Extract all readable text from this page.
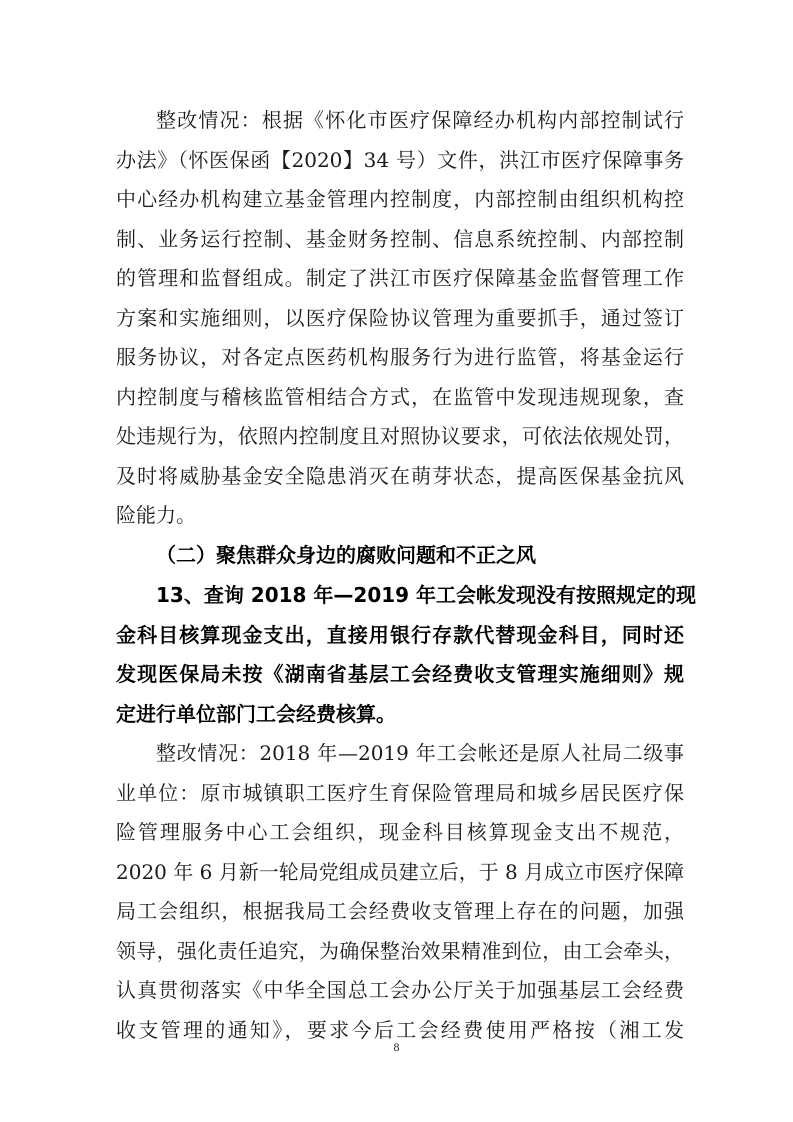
整改情况：根据《怀化市医疗保障经办机构内部控制试行
办法》（怀医保函【2020】34 号）文件，洪江市医疗保障事务
中心经办机构建立基金管理内控制度，内部控制由组织机构控
制、业务运行控制、基金财务控制、信息系统控制、内部控制
的管理和监督组成。制定了洪江市医疗保障基金监督管理工作
方案和实施细则，以医疗保险协议管理为重要抓手，通过签订
服务协议，对各定点医药机构服务行为进行监管，将基金运行
内控制度与稽核监管相结合方式，在监管中发现违规现象，查
处违规行为，依照内控制度且对照协议要求，可依法依规处罚，
及时将威胁基金安全隐患消灭在萌芽状态，提高医保基金抗风
险能力。
（二）聚焦群众身边的腐败问题和不正之风
13、查询 2018 年—2019 年工会帐发现没有按照规定的现
金科目核算现金支出，直接用银行存款代替现金科目，同时还
发现医保局未按《湖南省基层工会经费收支管理实施细则》规
定进行单位部门工会经费核算。
整改情况：2018 年—2019 年工会帐还是原人社局二级事
业单位：原市城镇职工医疗生育保险管理局和城乡居民医疗保
险管理服务中心工会组织，现金科目核算现金支出不规范，
2020 年 6 月新一轮局党组成员建立后，于 8 月成立市医疗保障
局工会组织，根据我局工会经费收支管理上存在的问题，加强
领导，强化责任追究，为确保整治效果精准到位，由工会牵头，
认真贯彻落实《中华全国总工会办公厅关于加强基层工会经费
收支管理的通知》，要求今后工会经费使用严格按（湘工发
8
